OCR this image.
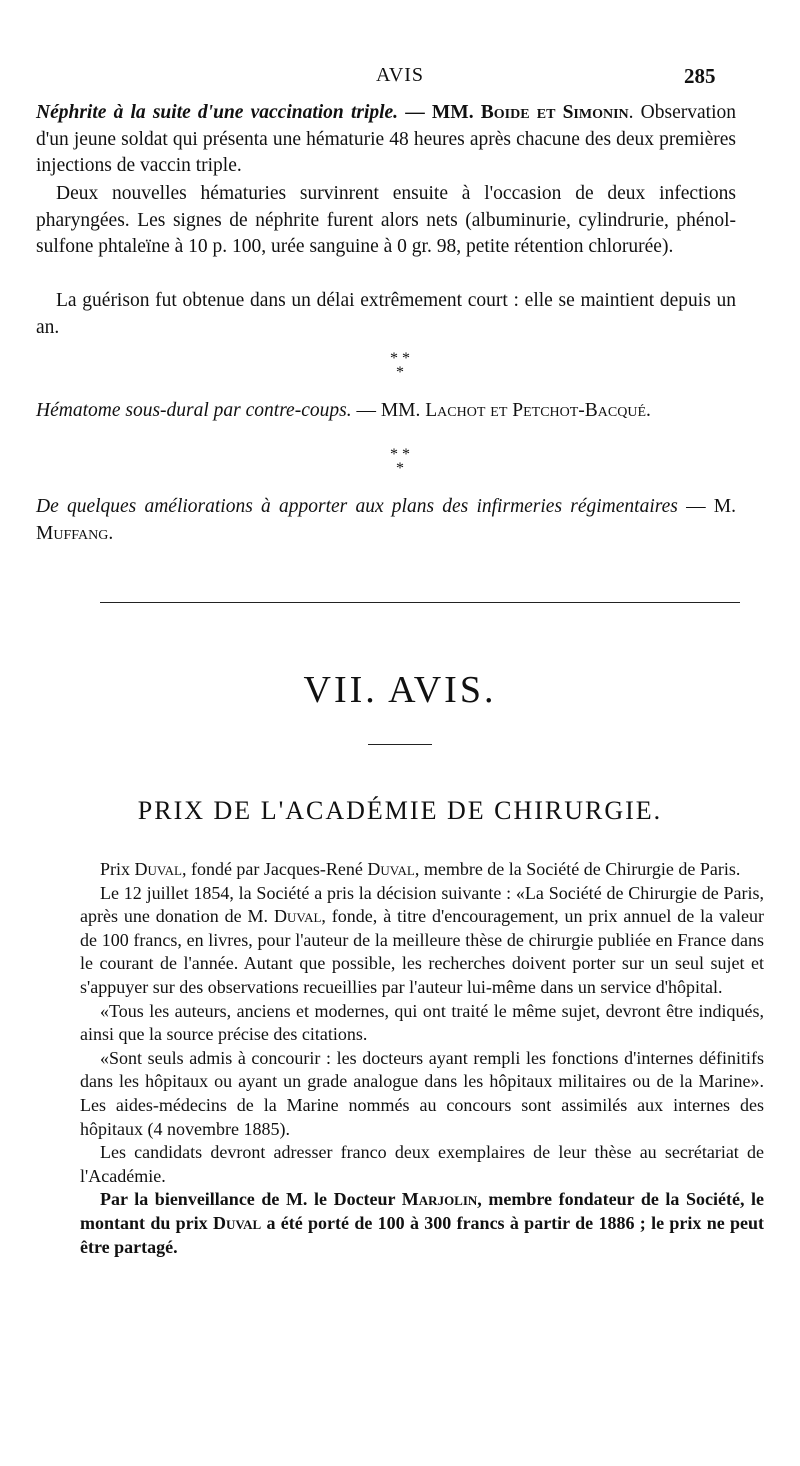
AVIS	285
Néphrite à la suite d'une vaccination triple. — MM. Boide et Simonin. Observation d'un jeune soldat qui présenta une hématurie 48 heures après chacune des deux premières injections de vaccin triple.
Deux nouvelles hématuries survinrent ensuite à l'occasion de deux infections pharyngées. Les signes de néphrite furent alors nets (albuminurie, cylindrurie, phénol-sulfone phtaleïne à 10 p. 100, urée sanguine à 0 gr. 98, petite rétention chlorurée).
La guérison fut obtenue dans un délai extrêmement court : elle se maintient depuis un an.
* *
*
Hématome sous-dural par contre-coups. — MM. Lachot et Petchot-Bacqué.
* *
*
De quelques améliorations à apporter aux plans des infirmeries régimentaires — M. Muffang.
VII. AVIS.
PRIX DE L'ACADÉMIE DE CHIRURGIE.

Prix Duval, fondé par Jacques-René Duval, membre de la Société de Chirurgie de Paris.

Le 12 juillet 1854, la Société a pris la décision suivante : «La Société de Chirurgie de Paris, après une donation de M. Duval, fonde, à titre d'encouragement, un prix annuel de la valeur de 100 francs, en livres, pour l'auteur de la meilleure thèse de chirurgie publiée en France dans le courant de l'année. Autant que possible, les recherches doivent porter sur un seul sujet et s'appuyer sur des observations recueillies par l'auteur lui-même dans un service d'hôpital.

«Tous les auteurs, anciens et modernes, qui ont traité le même sujet, devront être indiqués, ainsi que la source précise des citations.

«Sont seuls admis à concourir : les docteurs ayant rempli les fonctions d'internes définitifs dans les hôpitaux ou ayant un grade analogue dans les hôpitaux militaires ou de la Marine». Les aides-médecins de la Marine nommés au concours sont assimilés aux internes des hôpitaux (4 novembre 1885).

Les candidats devront adresser franco deux exemplaires de leur thèse au secrétariat de l'Académie.

Par la bienveillance de M. le Docteur Marjolin, membre fondateur de la Société, le montant du prix Duval a été porté de 100 à 300 francs à partir de 1886 ; le prix ne peut être partagé.
